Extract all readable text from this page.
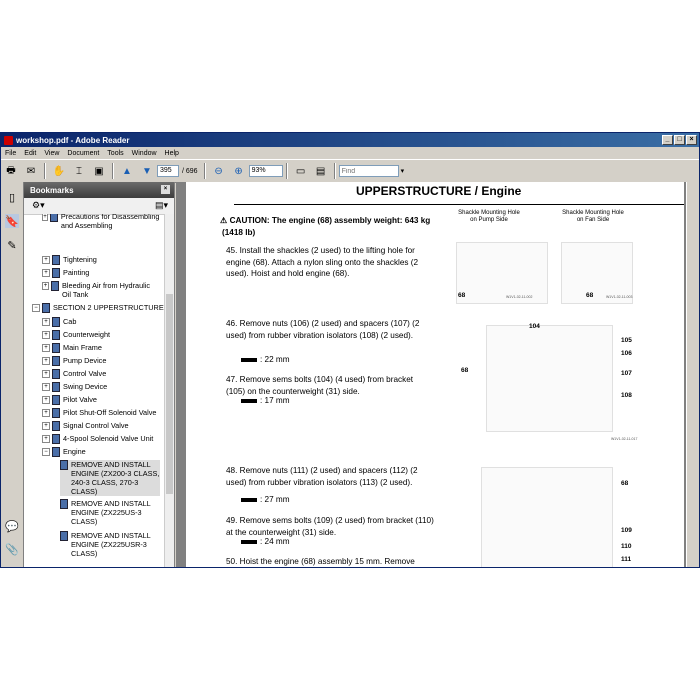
workshop.pdf - Adobe Reader	_	□	×
File	Edit	View	Document	Tools	Window	Help
🖶	✉	✋	⌶	▣	▲	▼	395	/ 696	⊖	⊕	93%	▭	▤
Find	▾
▯
🔖
✎
💬
📎
Bookmarks	×
⚙▾	▤▾
+ Precautions for Disassembling and Assembling
+	Tightening
+	Painting
+ Bleeding Air from Hydraulic Oil Tank
−	SECTION 2 UPPERSTRUCTURE
+	Cab
+	Counterweight
+	Main Frame
+	Pump Device
+	Control Valve
+	Swing Device
+	Pilot Valve
+	Pilot Shut-Off Solenoid Valve
+	Signal Control Valve
+	4-Spool Solenoid Valve Unit
−	Engine
REMOVE AND INSTALL ENGINE (ZX200-3 CLASS, 240-3 CLASS, 270-3 CLASS)
REMOVE AND INSTALL ENGINE (ZX225US-3 CLASS)
REMOVE AND INSTALL ENGINE (ZX225USR-3 CLASS)
UPPERSTRUCTURE / Engine
⚠ CAUTION: The engine (68) assembly weight: 643 kg (1418 lb)
45. Install the shackles (2 used) to the lifting hole for engine (68). Attach a nylon sling onto the shackles (2 used). Hoist and hold engine (68).
46. Remove nuts (106) (2 used) and spacers (107) (2 used) from rubber vibration isolators (108) (2 used).
: 22 mm
47. Remove sems bolts (104) (4 used) from bracket (105) on the counterweight (31) side.
: 17 mm
48. Remove nuts (111) (2 used) and spacers (112) (2 used) from rubber vibration isolators (113) (2 used).
: 27 mm
49. Remove sems bolts (109) (2 used) from bracket (110) at the counterweight (31) side.
: 24 mm
50. Hoist the engine (68) assembly 15 mm. Remove
Shackle Mounting Hole on Pump Side
Shackle Mounting Hole on Fan Side
68	68
W1V1-02-11-002	W1V1-02-11-003
104
105
106
107
108
68
W1V1-02-11-017
68
109
110
111
